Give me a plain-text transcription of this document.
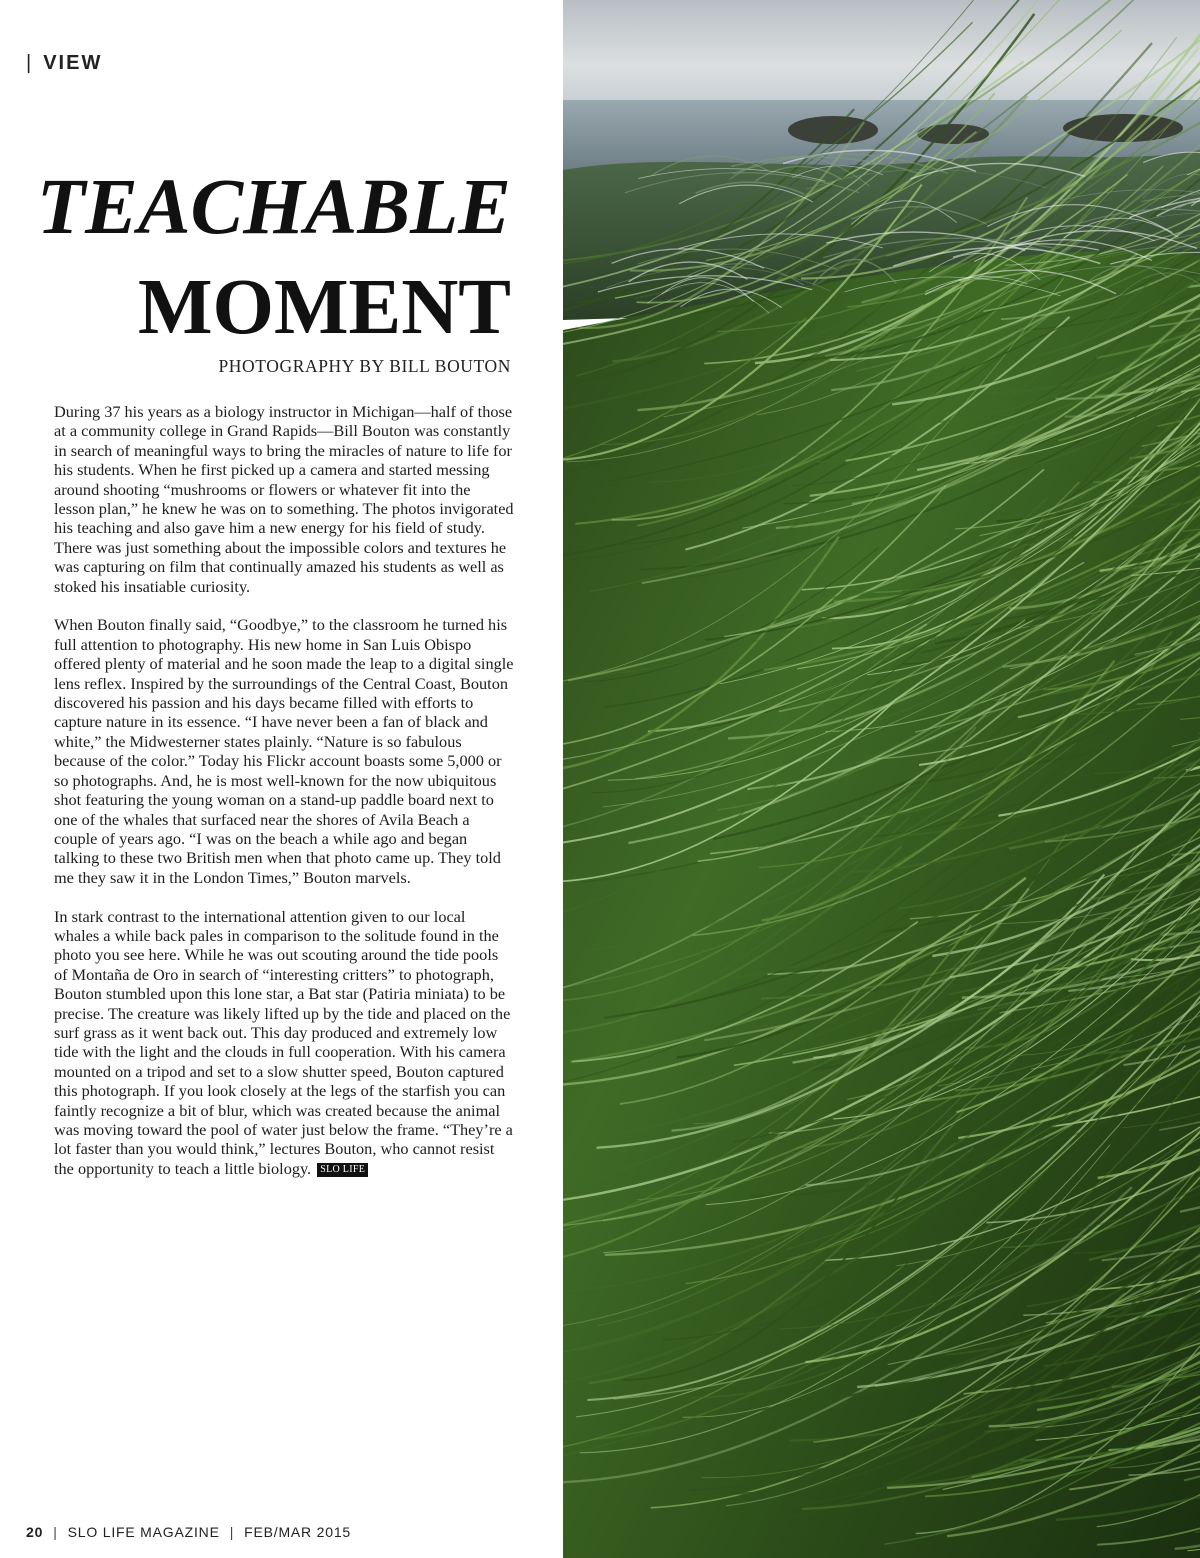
| VIEW
TEACHABLE
MOMENT
PHOTOGRAPHY BY BILL BOUTON

During 37 his years as a biology instructor in Michigan—half of those at a community college in Grand Rapids—Bill Bouton was constantly in search of meaningful ways to bring the miracles of nature to life for his students. When he first picked up a camera and started messing around shooting “mushrooms or flowers or whatever fit into the lesson plan,” he knew he was on to something. The photos invigorated his teaching and also gave him a new energy for his field of study. There was just something about the impossible colors and textures he was capturing on film that continually amazed his students as well as stoked his insatiable curiosity.

When Bouton finally said, “Goodbye,” to the classroom he turned his full attention to photography. His new home in San Luis Obispo offered plenty of material and he soon made the leap to a digital single lens reflex. Inspired by the surroundings of the Central Coast, Bouton discovered his passion and his days became filled with efforts to capture nature in its essence. “I have never been a fan of black and white,” the Midwesterner states plainly. “Nature is so fabulous because of the color.” Today his Flickr account boasts some 5,000 or so photographs. And, he is most well-known for the now ubiquitous shot featuring the young woman on a stand-up paddle board next to one of the whales that surfaced near the shores of Avila Beach a couple of years ago. “I was on the beach a while ago and began talking to these two British men when that photo came up. They told me they saw it in the London Times,” Bouton marvels.

In stark contrast to the international attention given to our local whales a while back pales in comparison to the solitude found in the photo you see here. While he was out scouting around the tide pools of Montaña de Oro in search of “interesting critters” to photograph, Bouton stumbled upon this lone star, a Bat star (Patiria miniata) to be precise. The creature was likely lifted up by the tide and placed on the surf grass as it went back out. This day produced and extremely low tide with the light and the clouds in full cooperation. With his camera mounted on a tripod and set to a slow shutter speed, Bouton captured this photograph. If you look closely at the legs of the starfish you can faintly recognize a bit of blur, which was created because the animal was moving toward the pool of water just below the frame. “They’re a lot faster than you would think,” lectures Bouton, who cannot resist the opportunity to teach a little biology. SLO LIFE

20 | SLO LIFE MAGAZINE | FEB/MAR 2015
